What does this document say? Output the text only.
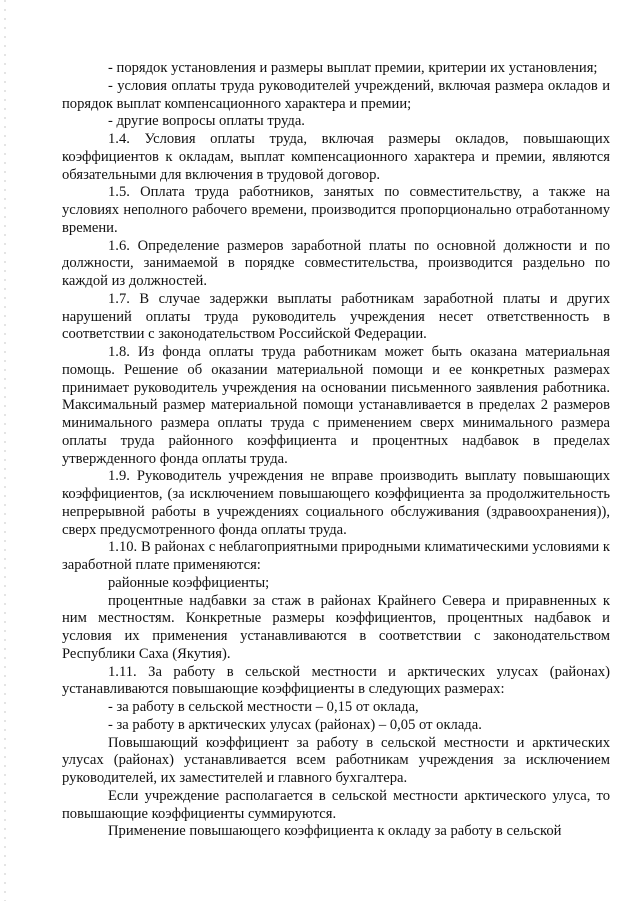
- порядок установления и размеры выплат премии, критерии их установления;

- условия оплаты труда руководителей учреждений, включая размера окладов и порядок выплат компенсационного характера и премии;

- другие вопросы оплаты труда.

1.4. Условия оплаты труда, включая размеры окладов, повышающих коэффициентов к окладам, выплат компенсационного характера и премии, являются обязательными для включения в трудовой договор.

1.5. Оплата труда работников, занятых по совместительству, а также на условиях неполного рабочего времени, производится пропорционально отработанному времени.

1.6. Определение размеров заработной платы по основной должности и по должности, занимаемой в порядке совместительства, производится раздельно по каждой из должностей.

1.7. В случае задержки выплаты работникам заработной платы и других нарушений оплаты труда руководитель учреждения несет ответственность в соответствии с законодательством Российской Федерации.

1.8. Из фонда оплаты труда работникам может быть оказана материальная помощь. Решение об оказании материальной помощи и ее конкретных размерах принимает руководитель учреждения на основании письменного заявления работника. Максимальный размер материальной помощи устанавливается в пределах 2 размеров минимального размера оплаты труда с применением сверх минимального размера оплаты труда районного коэффициента и процентных надбавок в пределах утвержденного фонда оплаты труда.

1.9. Руководитель учреждения не вправе производить выплату повышающих коэффициентов, (за исключением повышающего коэффициента за продолжительность непрерывной работы в учреждениях социального обслуживания (здравоохранения)), сверх предусмотренного фонда оплаты труда.

1.10. В районах с неблагоприятными природными климатическими условиями к заработной плате применяются:

районные коэффициенты;

процентные надбавки за стаж в районах Крайнего Севера и приравненных к ним местностям. Конкретные размеры коэффициентов, процентных надбавок и условия их применения устанавливаются в соответствии с законодательством Республики Саха (Якутия).

1.11. За работу в сельской местности и арктических улусах (районах) устанавливаются повышающие коэффициенты в следующих размерах:

- за работу в сельской местности – 0,15 от оклада,

- за работу в арктических улусах (районах) – 0,05 от оклада.

Повышающий коэффициент за работу в сельской местности и арктических улусах (районах) устанавливается всем работникам учреждения за исключением руководителей, их заместителей и главного бухгалтера.

Если учреждение располагается в сельской местности арктического улуса, то повышающие коэффициенты суммируются.

Применение повышающего коэффициента к окладу за работу в сельской
